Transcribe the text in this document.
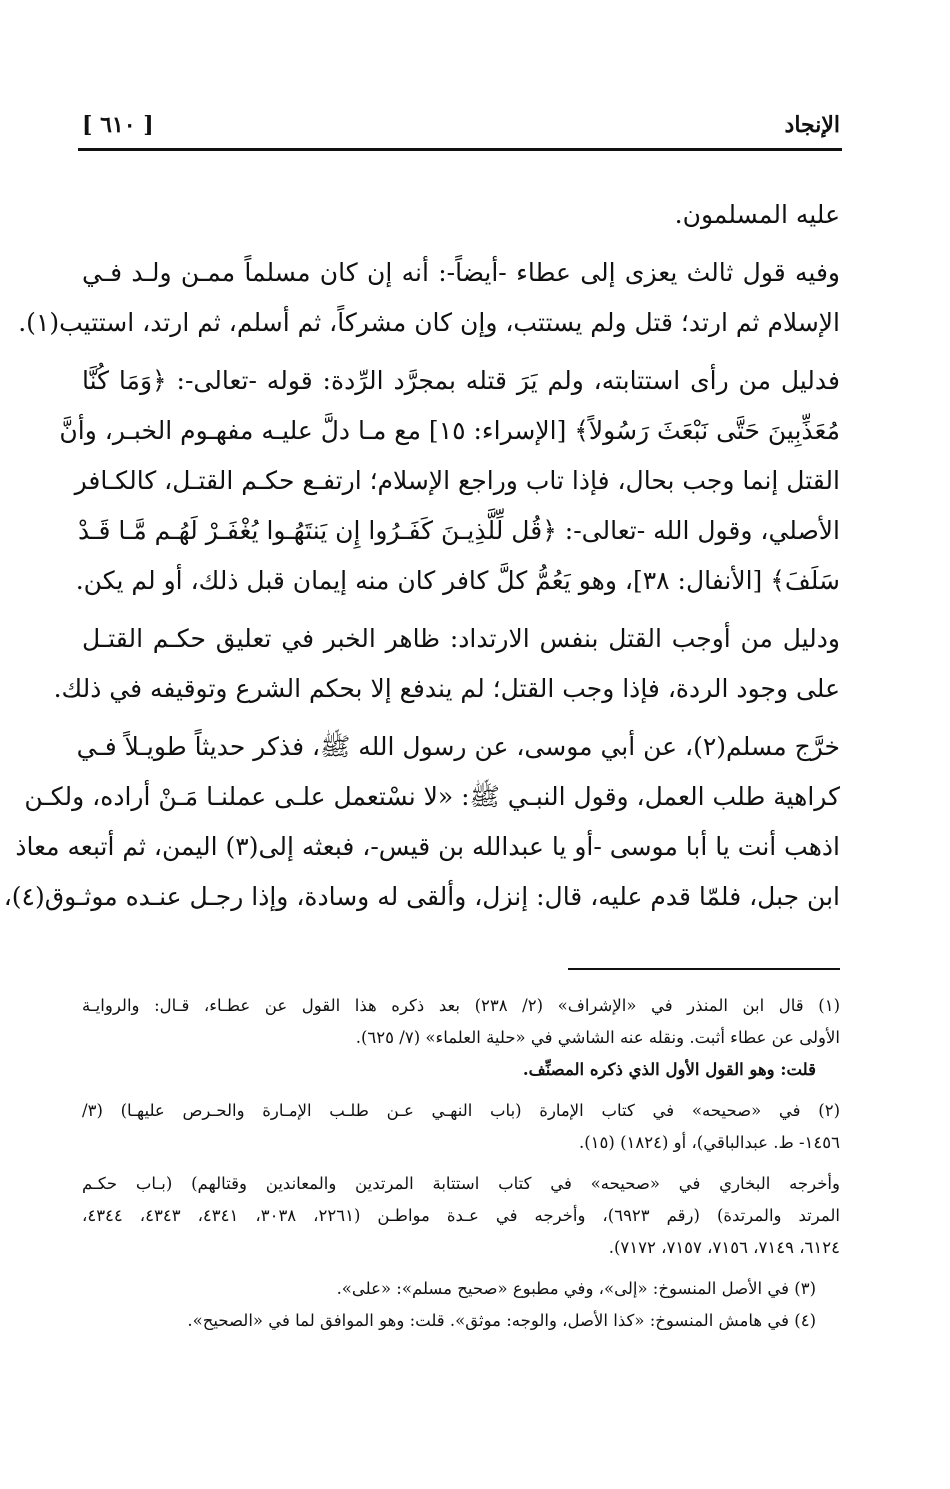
الإنجاد
[ ٦١٠ ]
عليه المسلمون.
وفيه قول ثالث يعزى إلى عطاء -أيضاً-: أنه إن كان مسلماً ممـن ولـد فـي
الإسلام ثم ارتد؛ قتل ولم يستتب، وإن كان مشركاً، ثم أسلم، ثم ارتد، استتيب(١).
فدليل من رأى استتابته، ولم يَرَ قتله بمجرَّد الرِّدة: قوله -تعالى-: ﴿وَمَا كُنَّا
مُعَذِّبِينَ حَتَّى نَبْعَثَ رَسُولاً﴾ [الإسراء: ١٥] مع مـا دلَّ عليـه مفهـوم الخبـر، وأنَّ
القتل إنما وجب بحال، فإذا تاب وراجع الإسلام؛ ارتفـع حكـم القتـل، كالكـافر
الأصلي، وقول الله -تعالى-: ﴿قُل لِّلَّذِيـنَ كَفَـرُوا إِن يَنتَهُـوا يُغْفَـرْ لَهُـم مَّـا قَـدْ
سَلَفَ﴾ [الأنفال: ٣٨]، وهو يَعُمُّ كلَّ كافر كان منه إيمان قبل ذلك، أو لم يكن.
ودليل من أوجب القتل بنفس الارتداد: ظاهر الخبر في تعليق حكـم القتـل
على وجود الردة، فإذا وجب القتل؛ لم يندفع إلا بحكم الشرع وتوقيفه في ذلك.
خرَّج مسلم(٢)، عن أبي موسى، عن رسول الله ﷺ، فذكر حديثاً طويـلاً فـي
كراهية طلب العمل، وقول النبـي ﷺ: «لا نسْتعمل علـى عملنـا مَـنْ أراده، ولكـن
اذهب أنت يا أبا موسى -أو يا عبدالله بن قيس-، فبعثه إلى(٣) اليمن، ثم أتبعه معاذ
ابن جبل، فلمّا قدم عليه، قال: إنزل، وألقى له وسادة، وإذا رجـل عنـده موثـوق(٤)،
(١) قال ابن المنذر في «الإشراف» (٢/ ٢٣٨) بعد ذكره هذا القول عن عطـاء، قـال: والروايـة
الأولى عن عطاء أثبت. ونقله عنه الشاشي في «حلية العلماء» (٧/ ٦٢٥).
قلت: وهو القول الأول الذي ذكره المصنِّف.
(٢) في «صحيحه» في كتاب الإمارة (باب النهـي عـن طلـب الإمـارة والحـرص عليهـا) (٣/
١٤٥٦- ط. عبدالباقي)، أو (١٨٢٤) (١٥).
وأخرجه البخاري في «صحيحه» في كتاب استتابة المرتدين والمعاندين وقتالهم) (بـاب حكـم
المرتد والمرتدة) (رقم ٦٩٢٣)، وأخرجه في عـدة مواطـن (٢٢٦١، ٣٠٣٨، ٤٣٤١، ٤٣٤٣، ٤٣٤٤،
٦١٢٤، ٧١٤٩، ٧١٥٦، ٧١٥٧، ٧١٧٢).
(٣) في الأصل المنسوخ: «إلى»، وفي مطبوع «صحيح مسلم»: «على».
(٤) في هامش المنسوخ: «كذا الأصل، والوجه: موثق». قلت: وهو الموافق لما في «الصحيح».
